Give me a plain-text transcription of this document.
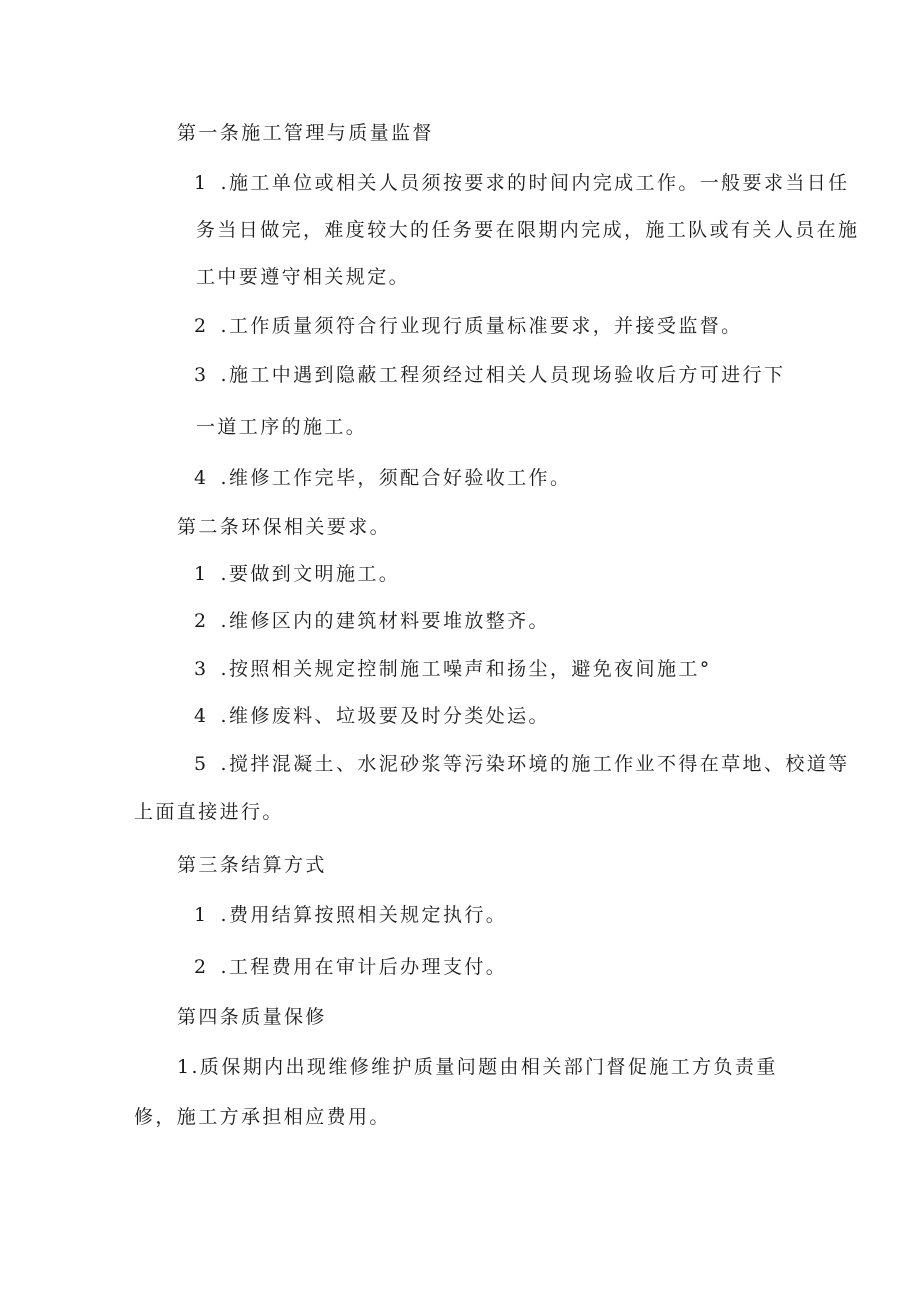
第一条施工管理与质量监督
1 .施工单位或相关人员须按要求的时间内完成工作。一般要求当日任
务当日做完，难度较大的任务要在限期内完成，施工队或有关人员在施
工中要遵守相关规定。
2 .工作质量须符合行业现行质量标准要求，并接受监督。
3 .施工中遇到隐蔽工程须经过相关人员现场验收后方可进行下
一道工序的施工。
4 .维修工作完毕，须配合好验收工作。
第二条环保相关要求。
1 .要做到文明施工。
2 .维修区内的建筑材料要堆放整齐。
3 .按照相关规定控制施工噪声和扬尘，避免夜间施工°
4 .维修废料、垃圾要及时分类处运。
5 .搅拌混凝土、水泥砂浆等污染环境的施工作业不得在草地、校道等
上面直接进行。
第三条结算方式
1 .费用结算按照相关规定执行。
2 .工程费用在审计后办理支付。
第四条质量保修
1.质保期内出现维修维护质量问题由相关部门督促施工方负责重
修，施工方承担相应费用。
